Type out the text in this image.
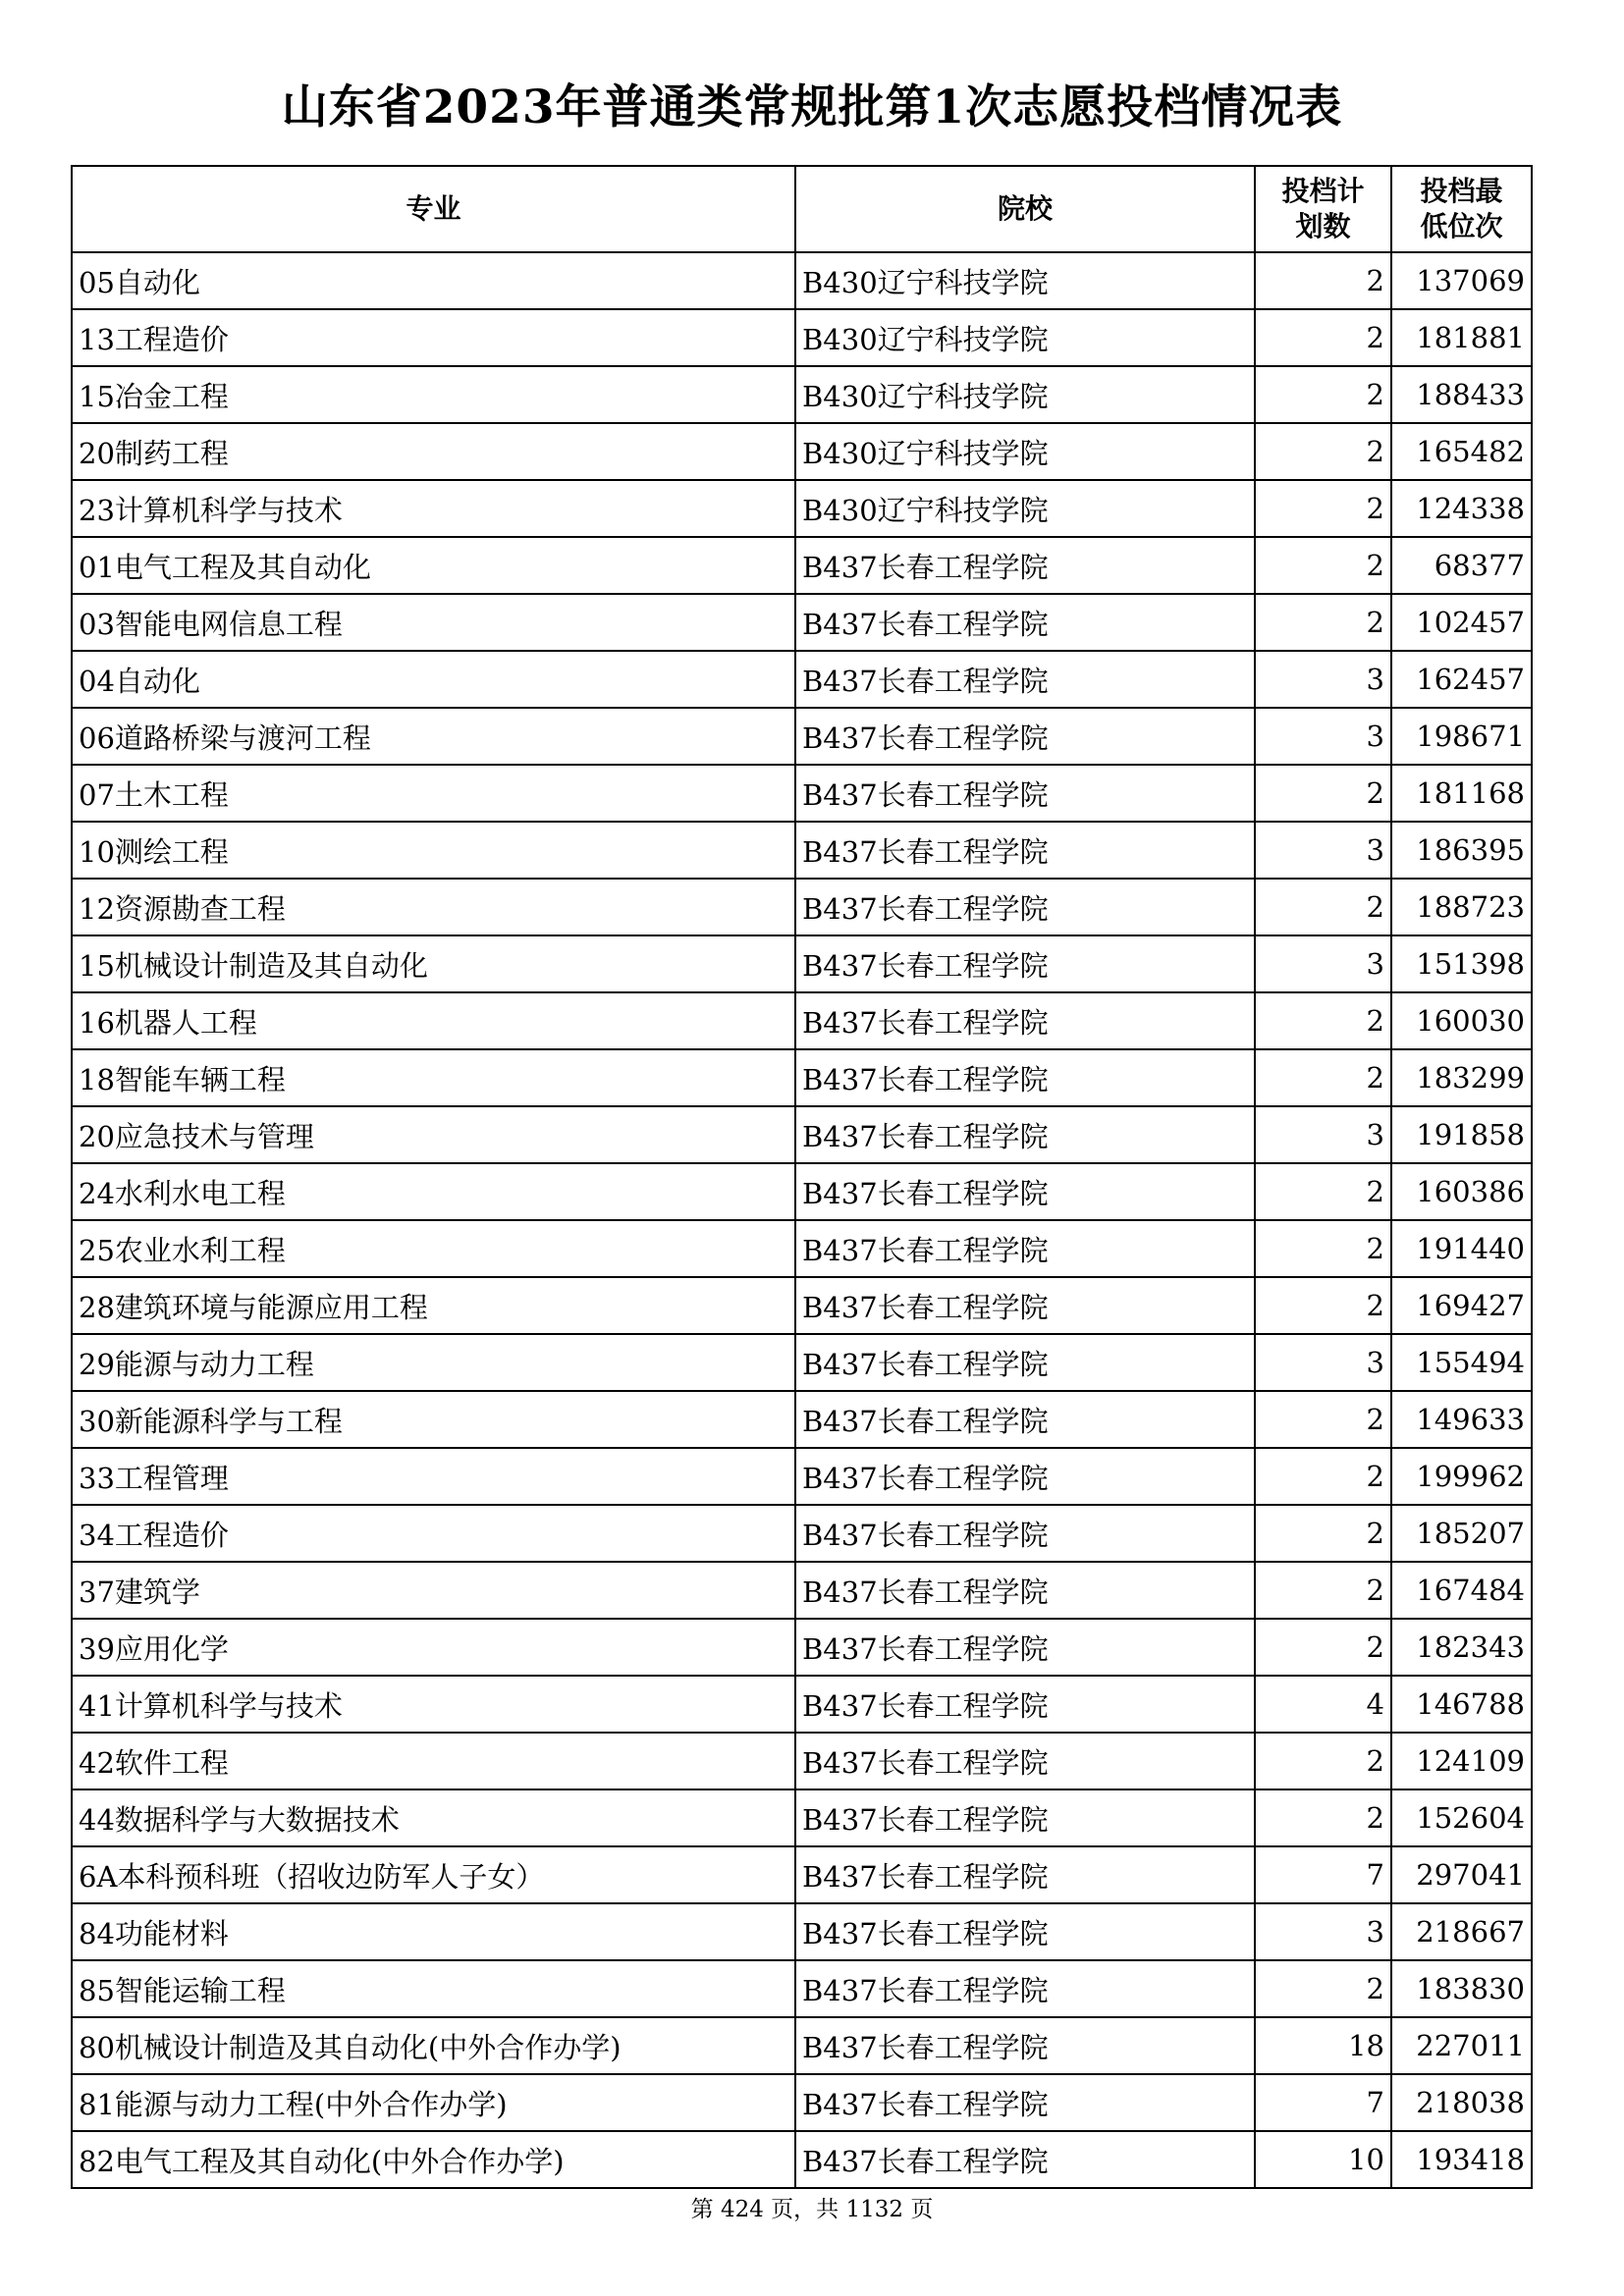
山东省2023年普通类常规批第1次志愿投档情况表
专业	院校	投档计划数	投档最低位次
05自动化	B430辽宁科技学院	2	137069
13工程造价	B430辽宁科技学院	2	181881
15冶金工程	B430辽宁科技学院	2	188433
20制药工程	B430辽宁科技学院	2	165482
23计算机科学与技术	B430辽宁科技学院	2	124338
01电气工程及其自动化	B437长春工程学院	2	68377
03智能电网信息工程	B437长春工程学院	2	102457
04自动化	B437长春工程学院	3	162457
06道路桥梁与渡河工程	B437长春工程学院	3	198671
07土木工程	B437长春工程学院	2	181168
10测绘工程	B437长春工程学院	3	186395
12资源勘查工程	B437长春工程学院	2	188723
15机械设计制造及其自动化	B437长春工程学院	3	151398
16机器人工程	B437长春工程学院	2	160030
18智能车辆工程	B437长春工程学院	2	183299
20应急技术与管理	B437长春工程学院	3	191858
24水利水电工程	B437长春工程学院	2	160386
25农业水利工程	B437长春工程学院	2	191440
28建筑环境与能源应用工程	B437长春工程学院	2	169427
29能源与动力工程	B437长春工程学院	3	155494
30新能源科学与工程	B437长春工程学院	2	149633
33工程管理	B437长春工程学院	2	199962
34工程造价	B437长春工程学院	2	185207
37建筑学	B437长春工程学院	2	167484
39应用化学	B437长春工程学院	2	182343
41计算机科学与技术	B437长春工程学院	4	146788
42软件工程	B437长春工程学院	2	124109
44数据科学与大数据技术	B437长春工程学院	2	152604
6A本科预科班（招收边防军人子女）	B437长春工程学院	7	297041
84功能材料	B437长春工程学院	3	218667
85智能运输工程	B437长春工程学院	2	183830
80机械设计制造及其自动化(中外合作办学)	B437长春工程学院	18	227011
81能源与动力工程(中外合作办学)	B437长春工程学院	7	218038
82电气工程及其自动化(中外合作办学)	B437长春工程学院	10	193418
第 424 页，共 1132 页
